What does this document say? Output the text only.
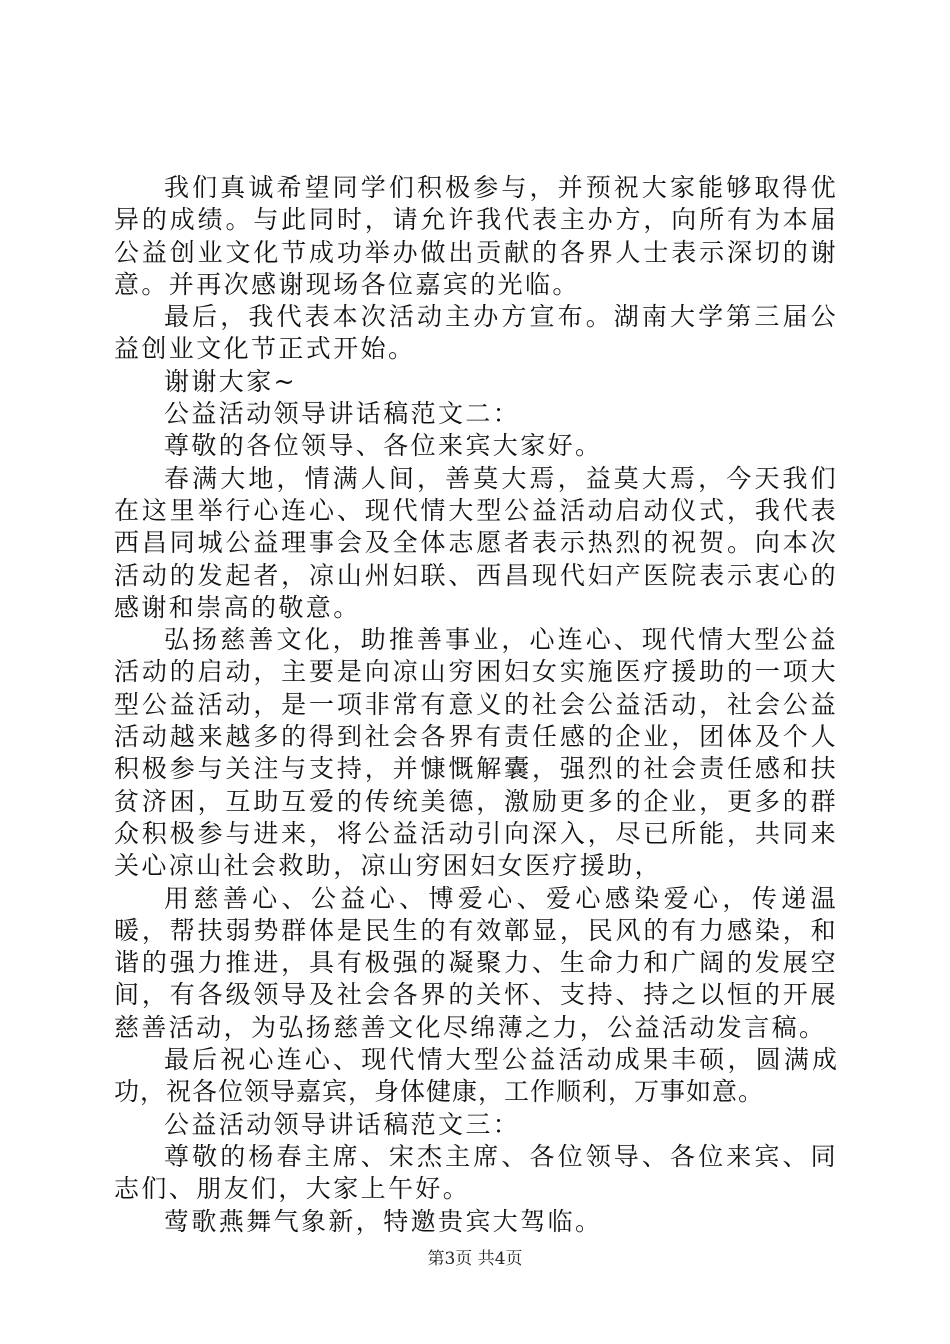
我们真诚希望同学们积极参与，并预祝大家能够取得优异的成绩。与此同时，请允许我代表主办方，向所有为本届公益创业文化节成功举办做出贡献的各界人士表示深切的谢意。并再次感谢现场各位嘉宾的光临。

最后，我代表本次活动主办方宣布。湖南大学第三届公益创业文化节正式开始。

谢谢大家~

公益活动领导讲话稿范文二：

尊敬的各位领导、各位来宾大家好。

春满大地，情满人间，善莫大焉，益莫大焉，今天我们在这里举行心连心、现代情大型公益活动启动仪式，我代表西昌同城公益理事会及全体志愿者表示热烈的祝贺。向本次活动的发起者，凉山州妇联、西昌现代妇产医院表示衷心的感谢和崇高的敬意。

弘扬慈善文化，助推善事业，心连心、现代情大型公益活动的启动，主要是向凉山穷困妇女实施医疗援助的一项大型公益活动，是一项非常有意义的社会公益活动，社会公益活动越来越多的得到社会各界有责任感的企业，团体及个人积极参与关注与支持，并慷慨解囊，强烈的社会责任感和扶贫济困，互助互爱的传统美德，激励更多的企业，更多的群众积极参与进来，将公益活动引向深入，尽已所能，共同来关心凉山社会救助，凉山穷困妇女医疗援助，

用慈善心、公益心、博爱心、爱心感染爱心，传递温暖，帮扶弱势群体是民生的有效鄣显，民风的有力感染，和谐的强力推进，具有极强的凝聚力、生命力和广阔的发展空间，有各级领导及社会各界的关怀、支持、持之以恒的开展慈善活动，为弘扬慈善文化尽绵薄之力，公益活动发言稿。

最后祝心连心、现代情大型公益活动成果丰硕，圆满成功，祝各位领导嘉宾，身体健康，工作顺利，万事如意。

公益活动领导讲话稿范文三：

尊敬的杨春主席、宋杰主席、各位领导、各位来宾、同志们、朋友们，大家上午好。

莺歌燕舞气象新，特邀贵宾大驾临。

第3页 共4页
